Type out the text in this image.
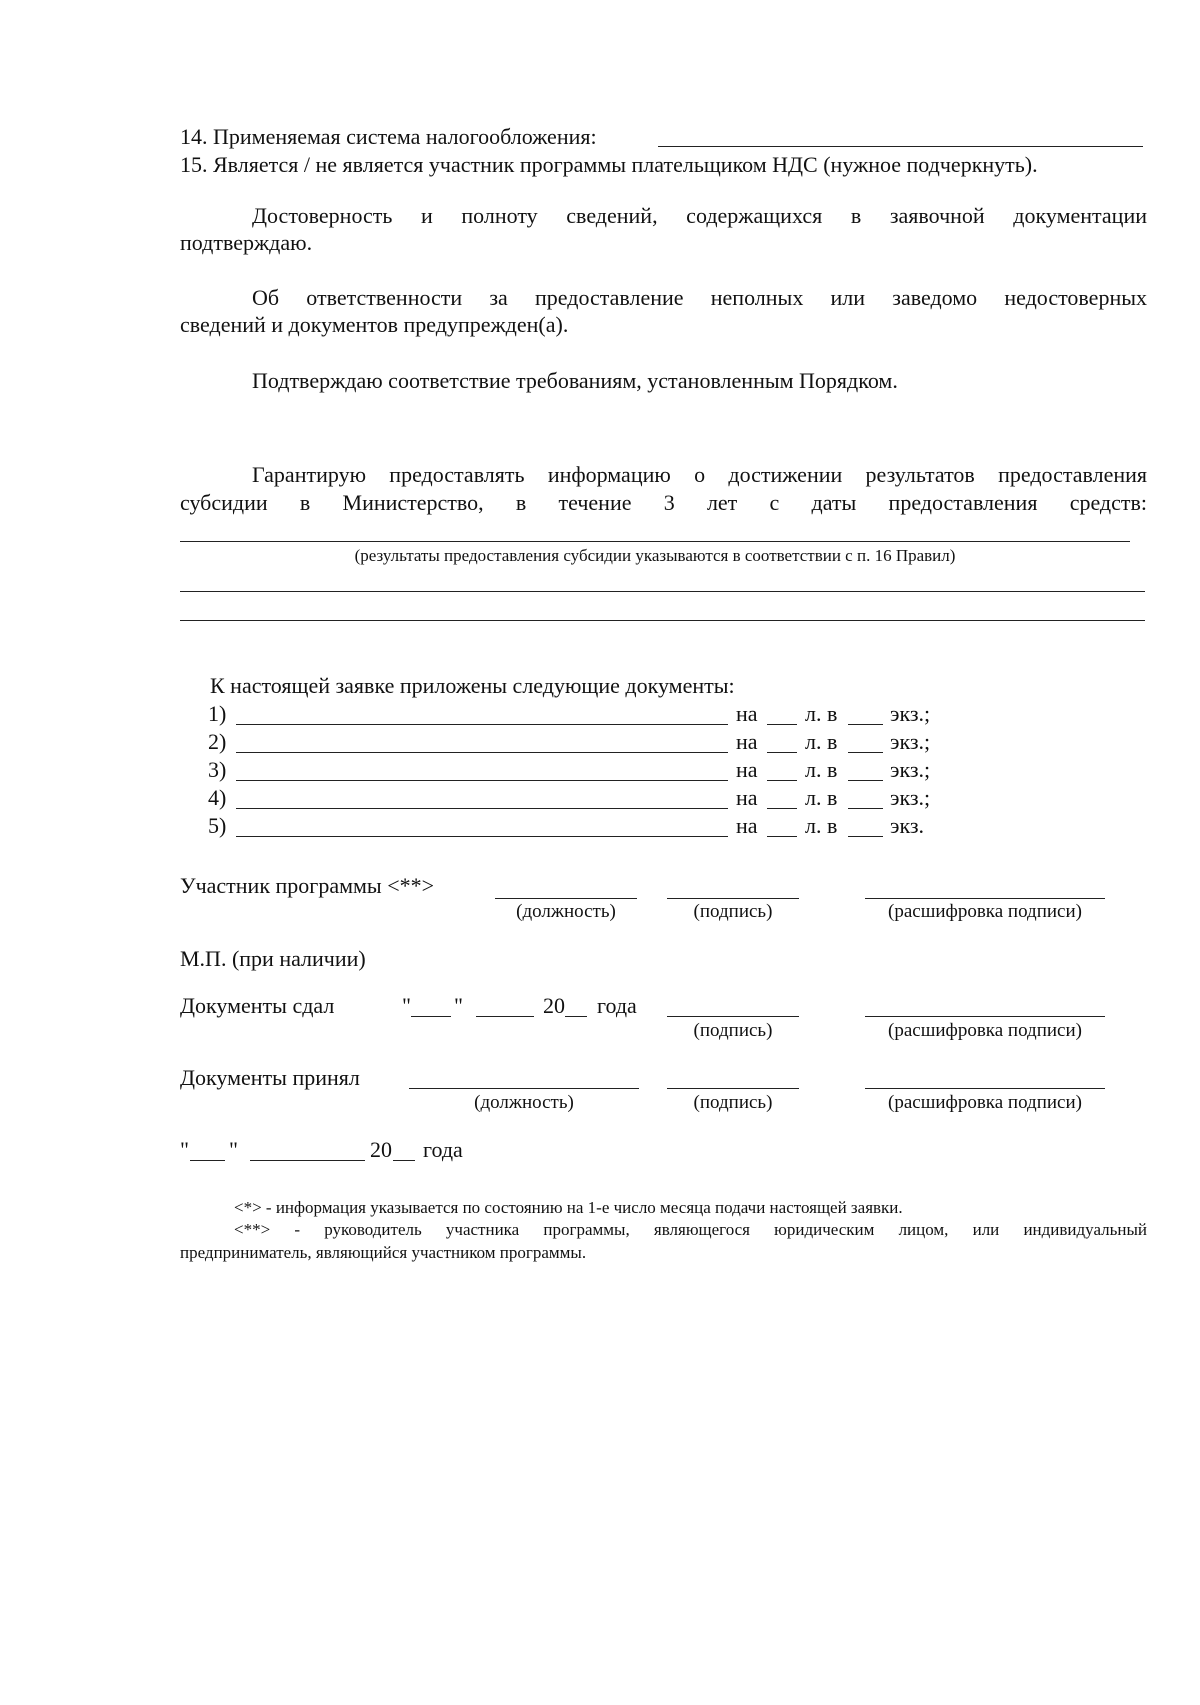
14. Применяемая система налогообложения:
15. Является / не является участник программы плательщиком НДС (нужное подчеркнуть).
Достоверность и полноту сведений, содержащихся в заявочной документации
подтверждаю.
Об ответственности за предоставление неполных или заведомо недостоверных
сведений и документов предупрежден(а).
Подтверждаю соответствие требованиям, установленным Порядком.
Гарантирую предоставлять информацию о достижении результатов предоставления
субсидии в Министерство, в течение 3 лет с даты предоставления средств:
(результаты предоставления субсидии указываются в соответствии с п. 16 Правил)
К настоящей заявке приложены следующие документы:
1)	на л. в экз.;
2)	на л. в экз.;
3)	на л. в экз.;
4)	на л. в экз.;
5)	на л. в экз.
Участник программы <**>
(должность)	(подпись)	(расшифровка подписи)
М.П. (при наличии)
Документы сдал	" "	20 года
(подпись)	(расшифровка подписи)
Документы принял
(должность)	(подпись)	(расшифровка подписи)
" "	20 года
<*> - информация указывается по состоянию на 1-е число месяца подачи настоящей заявки.
<**> - руководитель участника программы, являющегося юридическим лицом, или индивидуальный
предприниматель, являющийся участником программы.
